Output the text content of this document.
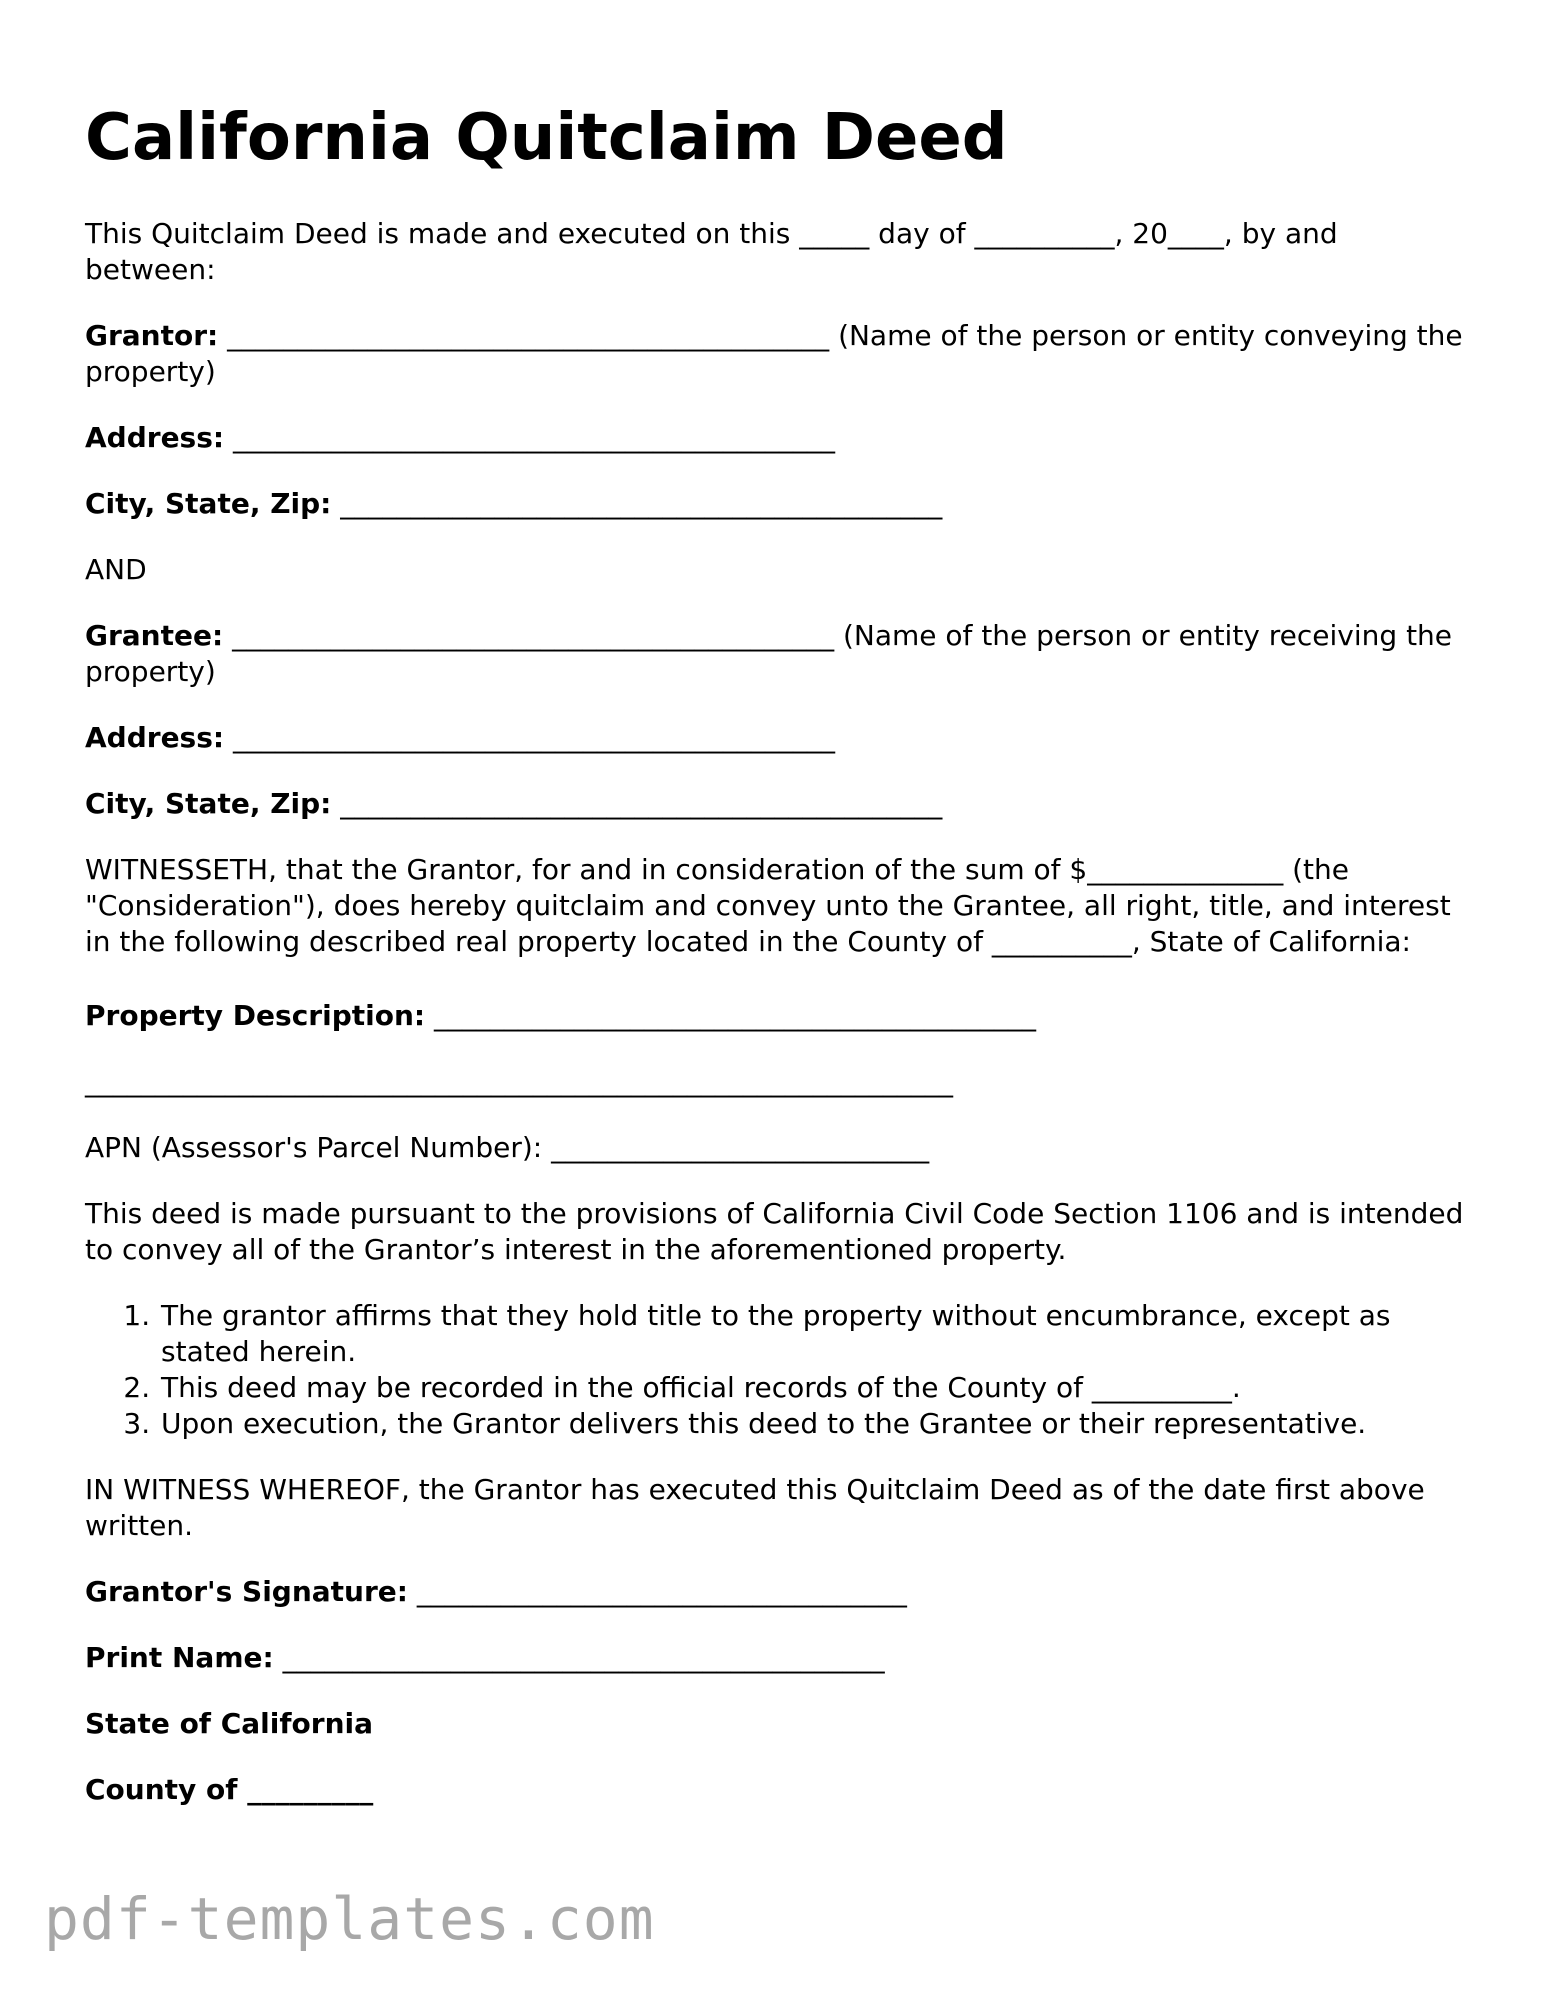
California Quitclaim Deed

This Quitclaim Deed is made and executed on this _____ day of __________, 20____, by and between:

Grantor: ___________________________________________ (Name of the person or entity conveying the property)

Address: ___________________________________________

City, State, Zip: ___________________________________________

AND

Grantee: ___________________________________________ (Name of the person or entity receiving the property)

Address: ___________________________________________

City, State, Zip: ___________________________________________

WITNESSETH, that the Grantor, for and in consideration of the sum of $______________ (the "Consideration"), does hereby quitclaim and convey unto the Grantee, all right, title, and interest in the following described real property located in the County of __________, State of California:

Property Description: ___________________________________________

______________________________________________________________

APN (Assessor's Parcel Number): ___________________________

This deed is made pursuant to the provisions of California Civil Code Section 1106 and is intended to convey all of the Grantor’s interest in the aforementioned property.

1. The grantor affirms that they hold title to the property without encumbrance, except as stated herein.
2. This deed may be recorded in the official records of the County of __________.
3. Upon execution, the Grantor delivers this deed to the Grantee or their representative.

IN WITNESS WHEREOF, the Grantor has executed this Quitclaim Deed as of the date first above written.

Grantor's Signature: ___________________________________

Print Name: ___________________________________________

State of California

County of _________

pdf-templates.com
